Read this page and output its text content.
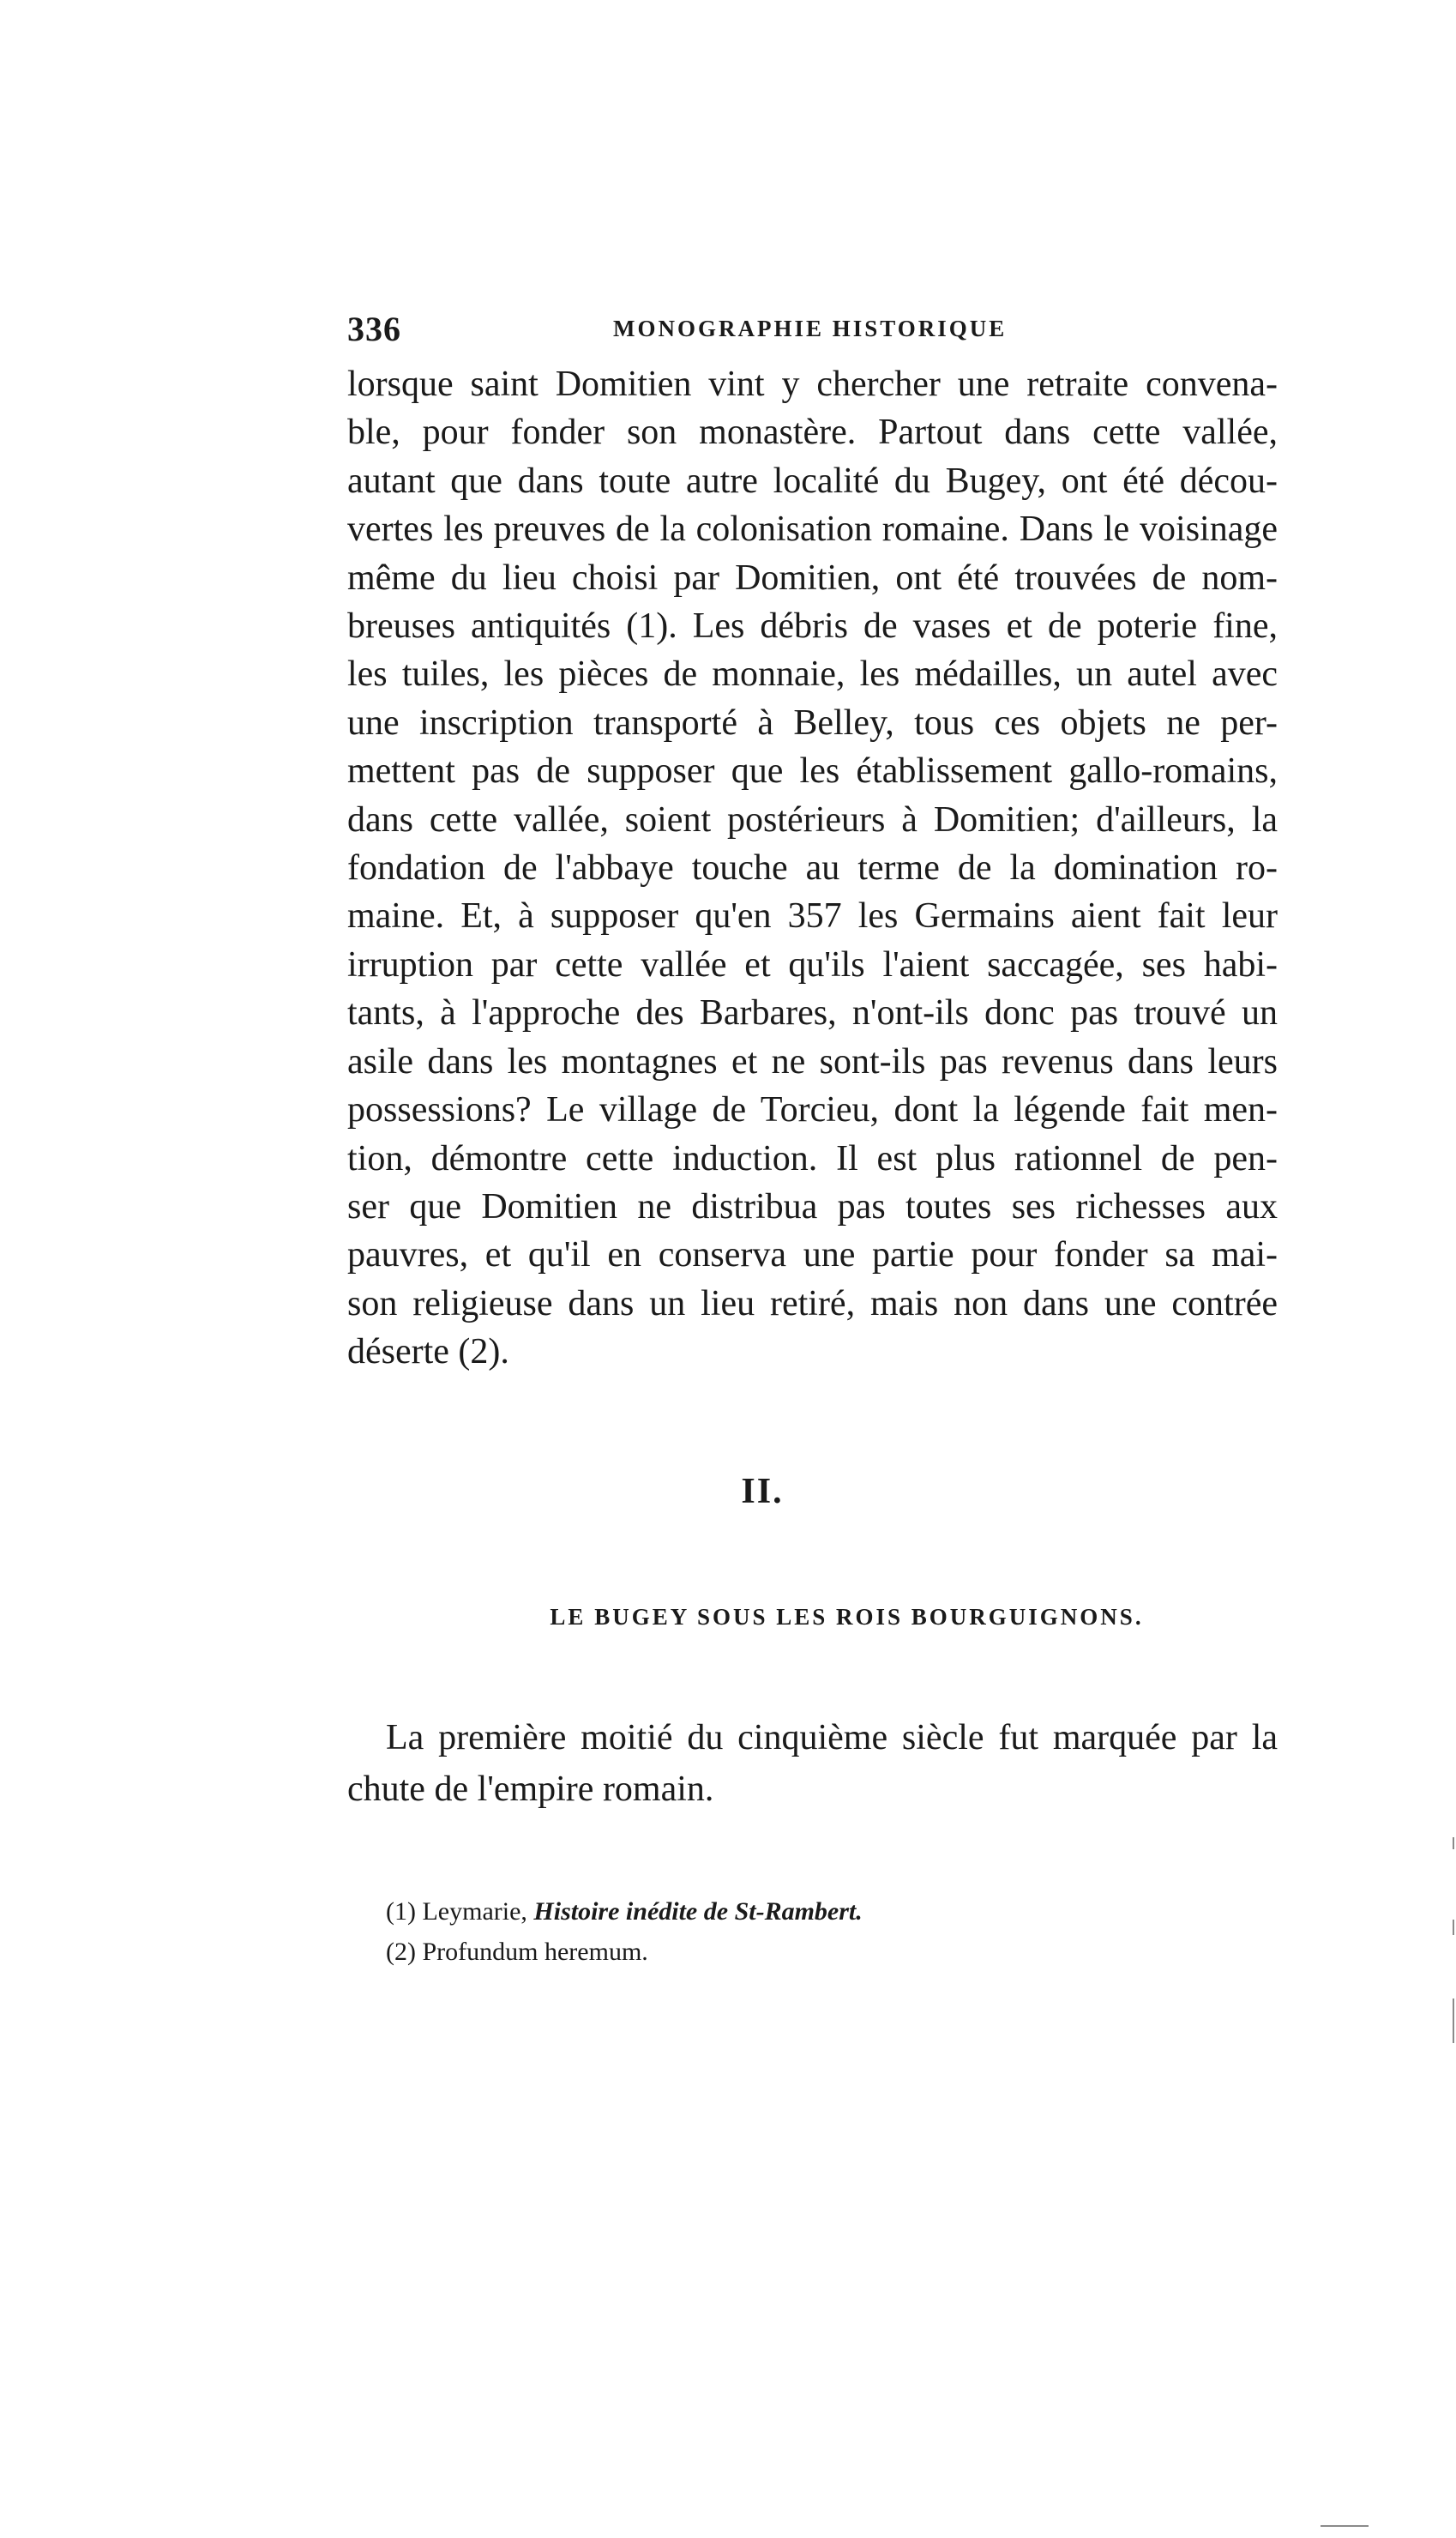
336	MONOGRAPHIE HISTORIQUE
lorsque saint Domitien vint y chercher une retraite convena-
ble, pour fonder son monastère. Partout dans cette vallée,
autant que dans toute autre localité du Bugey, ont été décou-
vertes les preuves de la colonisation romaine. Dans le voisinage
même du lieu choisi par Domitien, ont été trouvées de nom-
breuses antiquités (1). Les débris de vases et de poterie fine,
les tuiles, les pièces de monnaie, les médailles, un autel avec
une inscription transporté à Belley, tous ces objets ne per-
mettent pas de supposer que les établissement gallo-romains,
dans cette vallée, soient postérieurs à Domitien; d'ailleurs, la
fondation de l'abbaye touche au terme de la domination ro-
maine. Et, à supposer qu'en 357 les Germains aient fait leur
irruption par cette vallée et qu'ils l'aient saccagée, ses habi-
tants, à l'approche des Barbares, n'ont-ils donc pas trouvé un
asile dans les montagnes et ne sont-ils pas revenus dans leurs
possessions? Le village de Torcieu, dont la légende fait men-
tion, démontre cette induction. Il est plus rationnel de pen-
ser que Domitien ne distribua pas toutes ses richesses aux
pauvres, et qu'il en conserva une partie pour fonder sa mai-
son religieuse dans un lieu retiré, mais non dans une contrée
déserte (2).
II.
LE BUGEY SOUS LES ROIS BOURGUIGNONS.
La première moitié du cinquième siècle fut marquée par la
chute de l'empire romain.
(1) Leymarie, Histoire inédite de St-Rambert.
(2) Profundum heremum.
